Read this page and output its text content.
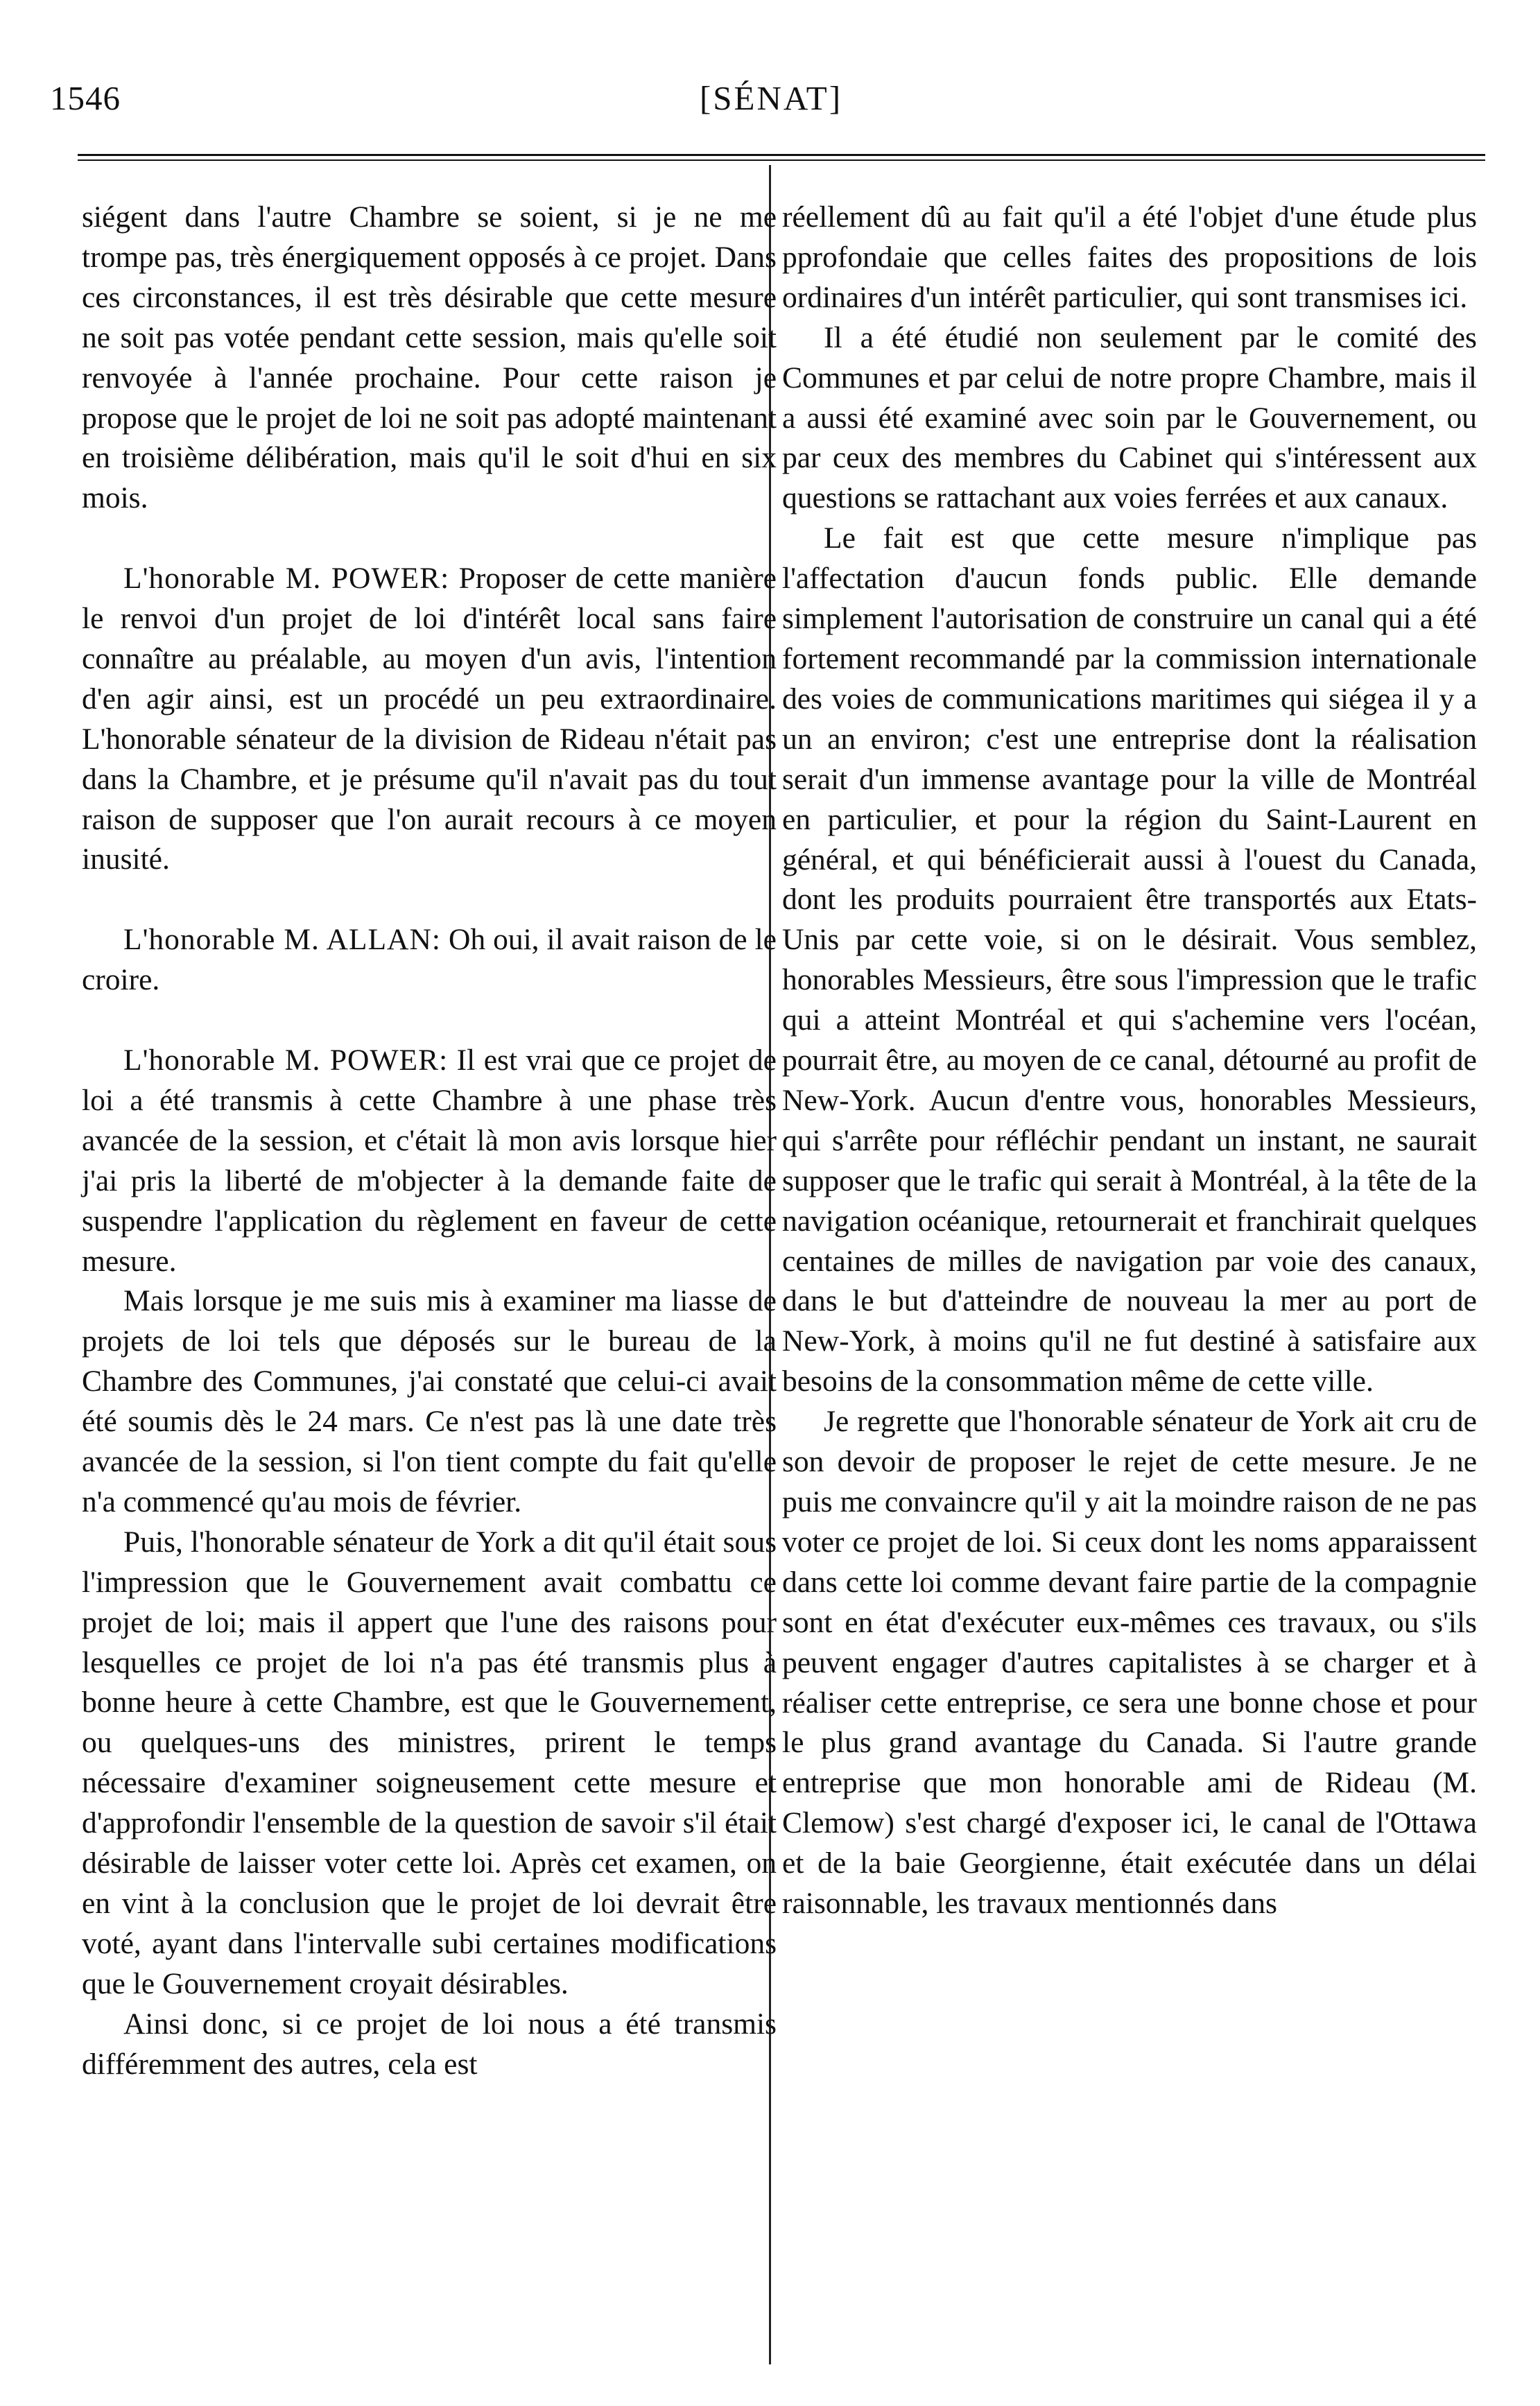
1546	[SÉNAT]

siégent dans l'autre Chambre se soient, si je ne me trompe pas, très énergiquement opposés à ce projet. Dans ces circonstances, il est très désirable que cette mesure ne soit pas votée pendant cette session, mais qu'elle soit renvoyée à l'année prochaine. Pour cette raison je propose que le projet de loi ne soit pas adopté maintenant en troisième délibération, mais qu'il le soit d'hui en six mois.

L'honorable M. POWER: Proposer de cette manière le renvoi d'un projet de loi d'intérêt local sans faire connaître au préalable, au moyen d'un avis, l'intention d'en agir ainsi, est un procédé un peu extraordinaire. L'honorable sénateur de la division de Rideau n'était pas dans la Chambre, et je présume qu'il n'avait pas du tout raison de supposer que l'on aurait recours à ce moyen inusité.

L'honorable M. ALLAN: Oh oui, il avait raison de le croire.

L'honorable M. POWER: Il est vrai que ce projet de loi a été transmis à cette Chambre à une phase très avancée de la session, et c'était là mon avis lorsque hier j'ai pris la liberté de m'objecter à la demande faite de suspendre l'application du règlement en faveur de cette mesure.

Mais lorsque je me suis mis à examiner ma liasse de projets de loi tels que déposés sur le bureau de la Chambre des Communes, j'ai constaté que celui-ci avait été soumis dès le 24 mars. Ce n'est pas là une date très avancée de la session, si l'on tient compte du fait qu'elle n'a commencé qu'au mois de février.

Puis, l'honorable sénateur de York a dit qu'il était sous l'impression que le Gouvernement avait combattu ce projet de loi; mais il appert que l'une des raisons pour lesquelles ce projet de loi n'a pas été transmis plus à bonne heure à cette Chambre, est que le Gouvernement, ou quelques-uns des ministres, prirent le temps nécessaire d'examiner soigneusement cette mesure et d'approfondir l'ensemble de la question de savoir s'il était désirable de laisser voter cette loi. Après cet examen, on en vint à la conclusion que le projet de loi devrait être voté, ayant dans l'intervalle subi certaines modifications que le Gouvernement croyait désirables.

Ainsi donc, si ce projet de loi nous a été transmis différemment des autres, cela est

réellement dû au fait qu'il a été l'objet d'une étude plus pprofondaie que celles faites des propositions de lois ordinaires d'un intérêt particulier, qui sont transmises ici.

Il a été étudié non seulement par le comité des Communes et par celui de notre propre Chambre, mais il a aussi été examiné avec soin par le Gouvernement, ou par ceux des membres du Cabinet qui s'intéressent aux questions se rattachant aux voies ferrées et aux canaux.

Le fait est que cette mesure n'implique pas l'affectation d'aucun fonds public. Elle demande simplement l'autorisation de construire un canal qui a été fortement recommandé par la commission internationale des voies de communications maritimes qui siégea il y a un an environ; c'est une entreprise dont la réalisation serait d'un immense avantage pour la ville de Montréal en particulier, et pour la région du Saint-Laurent en général, et qui bénéficierait aussi à l'ouest du Canada, dont les produits pourraient être transportés aux Etats-Unis par cette voie, si on le désirait. Vous semblez, honorables Messieurs, être sous l'impression que le trafic qui a atteint Montréal et qui s'achemine vers l'océan, pourrait être, au moyen de ce canal, détourné au profit de New-York. Aucun d'entre vous, honorables Messieurs, qui s'arrête pour réfléchir pendant un instant, ne saurait supposer que le trafic qui serait à Montréal, à la tête de la navigation océanique, retournerait et franchirait quelques centaines de milles de navigation par voie des canaux, dans le but d'atteindre de nouveau la mer au port de New-York, à moins qu'il ne fut destiné à satisfaire aux besoins de la consommation même de cette ville.

Je regrette que l'honorable sénateur de York ait cru de son devoir de proposer le rejet de cette mesure. Je ne puis me convaincre qu'il y ait la moindre raison de ne pas voter ce projet de loi. Si ceux dont les noms apparaissent dans cette loi comme devant faire partie de la compagnie sont en état d'exécuter eux-mêmes ces travaux, ou s'ils peuvent engager d'autres capitalistes à se charger et à réaliser cette entreprise, ce sera une bonne chose et pour le plus grand avantage du Canada. Si l'autre grande entreprise que mon honorable ami de Rideau (M. Clemow) s'est chargé d'exposer ici, le canal de l'Ottawa et de la baie Georgienne, était exécutée dans un délai raisonnable, les travaux mentionnés dans
